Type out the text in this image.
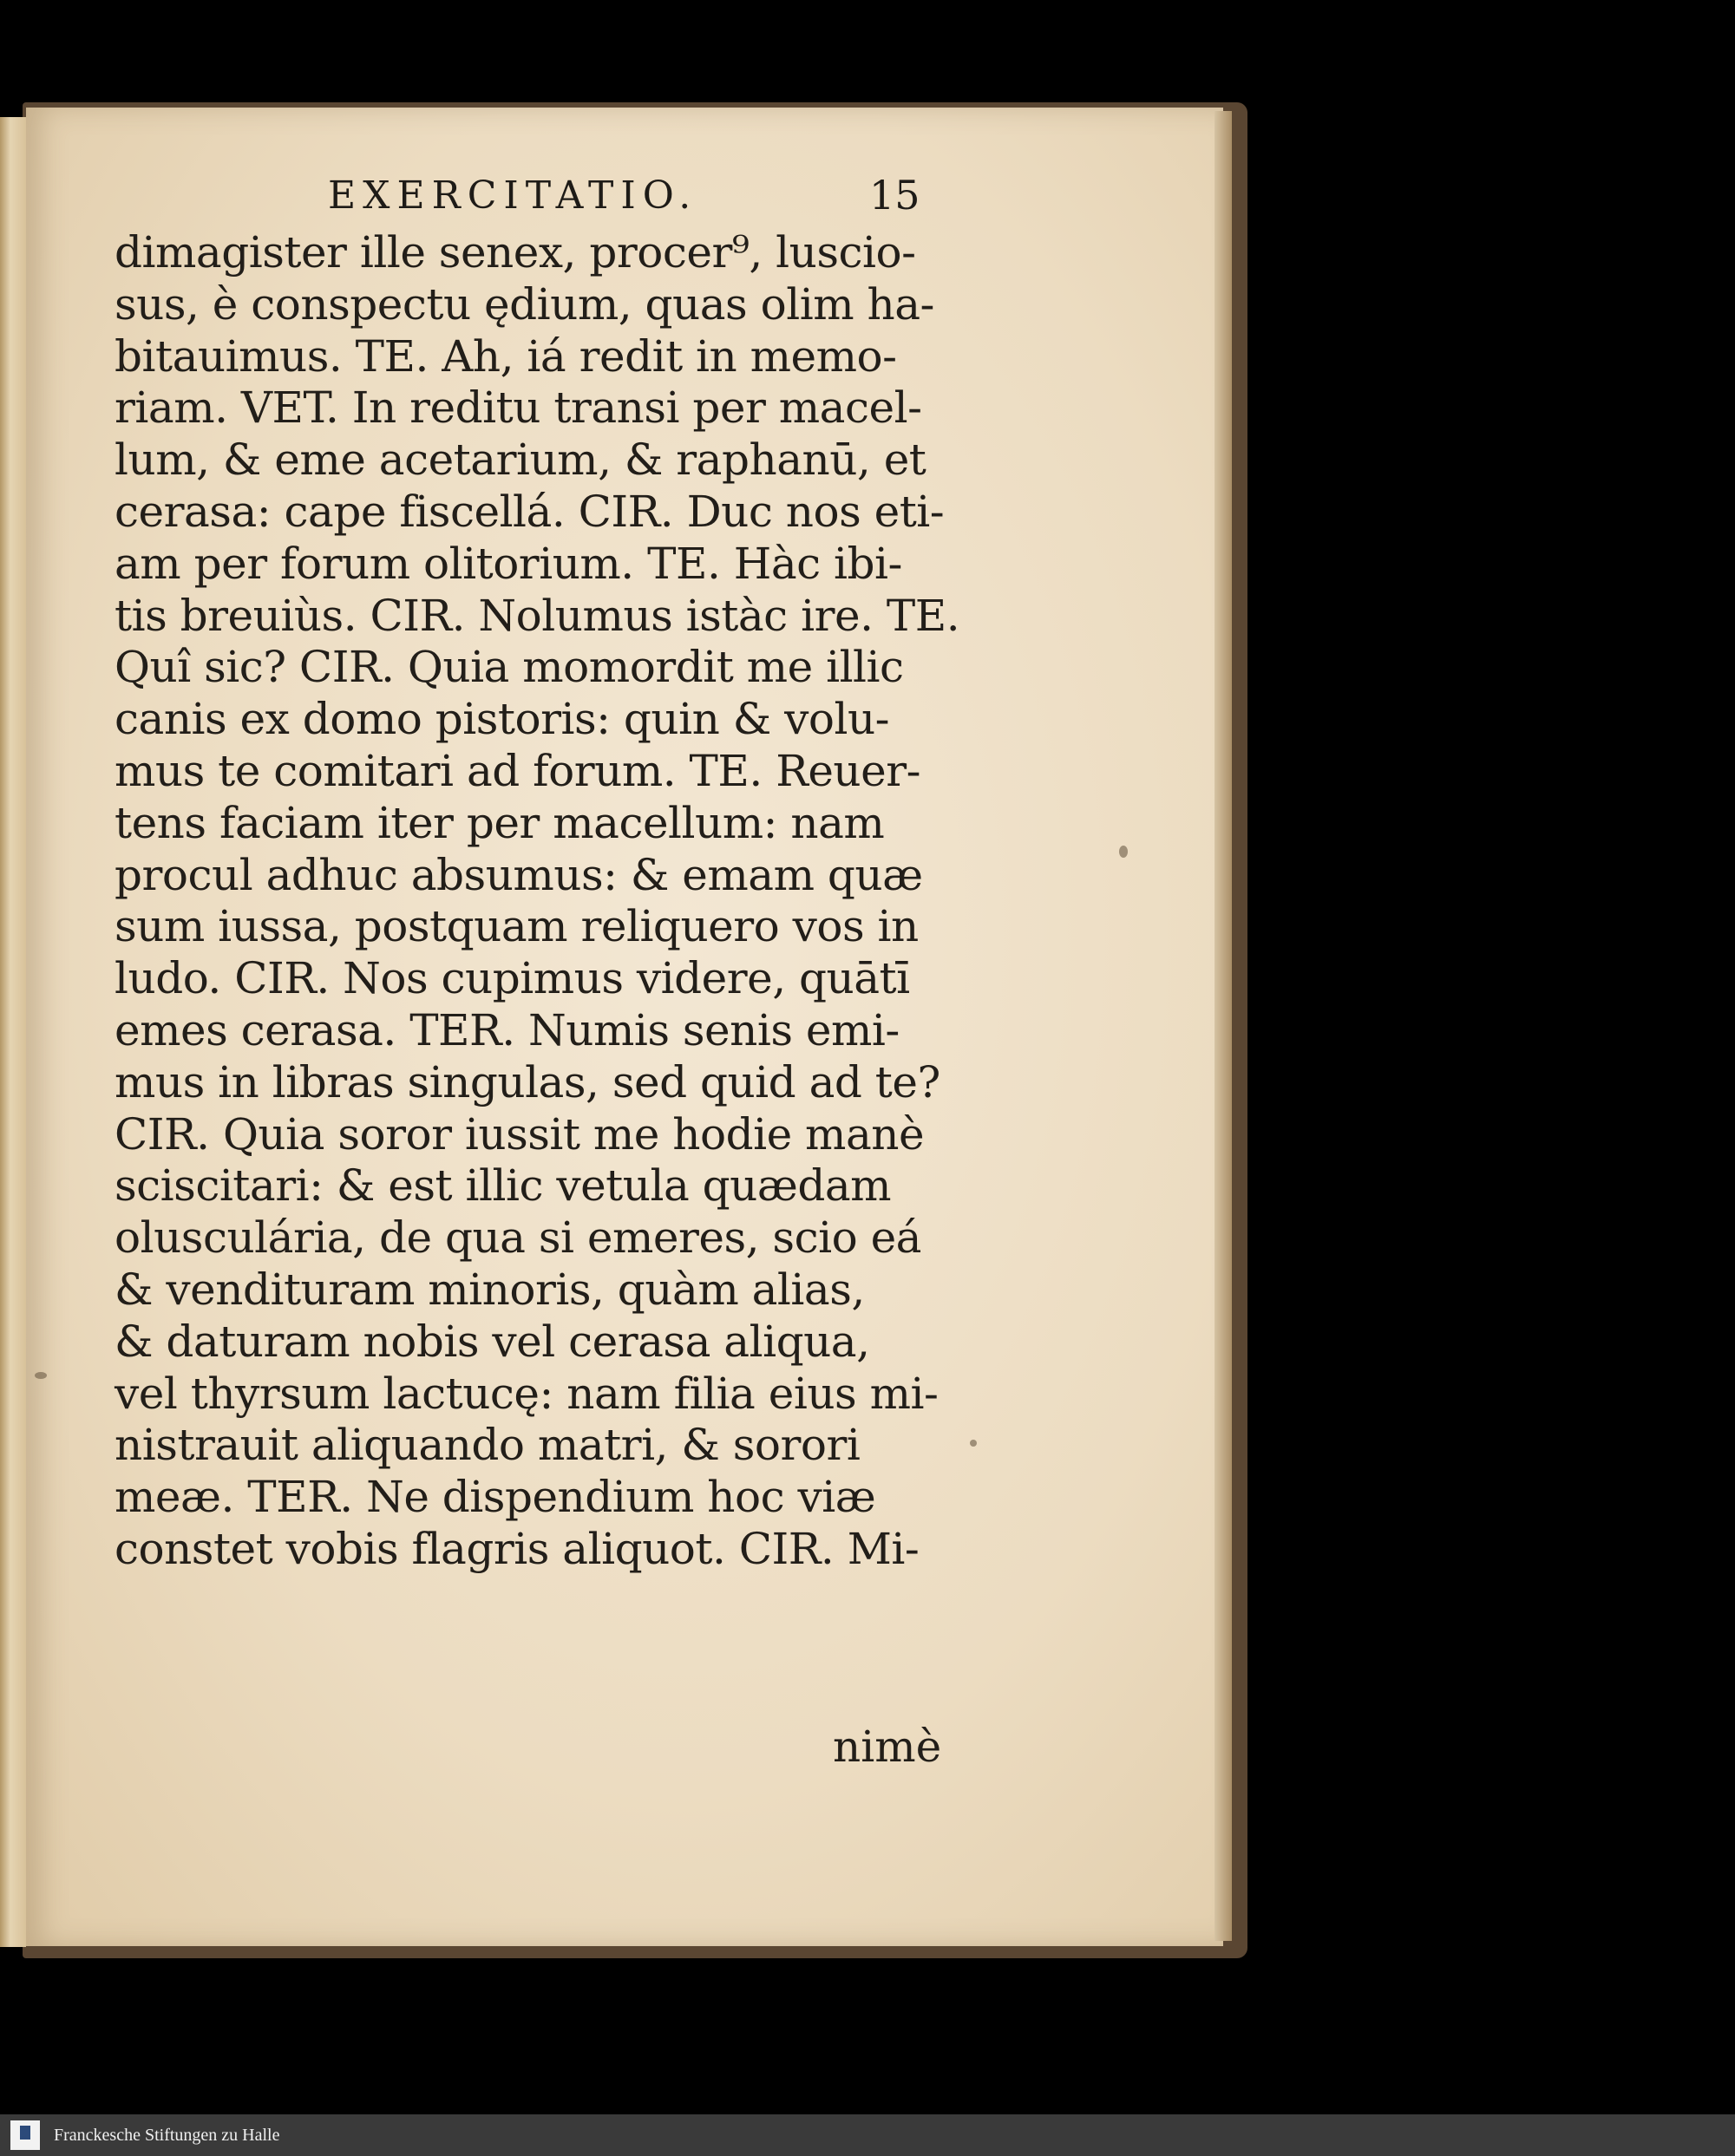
EXERCITATIO.	15
dimagister ille senex, procer⁹, luscio-
sus, è conspectu ędium, quas olim ha-
bitauimus. TE. Ah, iá redit in memo-
riam. VET. In reditu transi per macel-
lum, & eme acetarium, & raphanū, et
cerasa: cape fiscellá. CIR. Duc nos eti-
am per forum olitorium. TE. Hàc ibi-
tis breuiùs. CIR. Nolumus istàc ire. TE.
Quî sic? CIR. Quia momordit me illic
canis ex domo pistoris: quin & volu-
mus te comitari ad forum. TE. Reuer-
tens faciam iter per macellum: nam
procul adhuc absumus: & emam quæ
sum iussa, postquam reliquero vos in
ludo. CIR. Nos cupimus videre, quātī
emes cerasa. TER. Numis senis emi-
mus in libras singulas, sed quid ad te?
CIR. Quia soror iussit me hodie manè
sciscitari: & est illic vetula quædam
olusculária, de qua si emeres, scio eá
& vendituram minoris, quàm alias,
& daturam nobis vel cerasa aliqua,
vel thyrsum lactucę: nam filia eius mi-
nistrauit aliquando matri, & sorori
meæ. TER. Ne dispendium hoc viæ
constet vobis flagris aliquot. CIR. Mi-
nimè
Franckesche Stiftungen zu Halle
